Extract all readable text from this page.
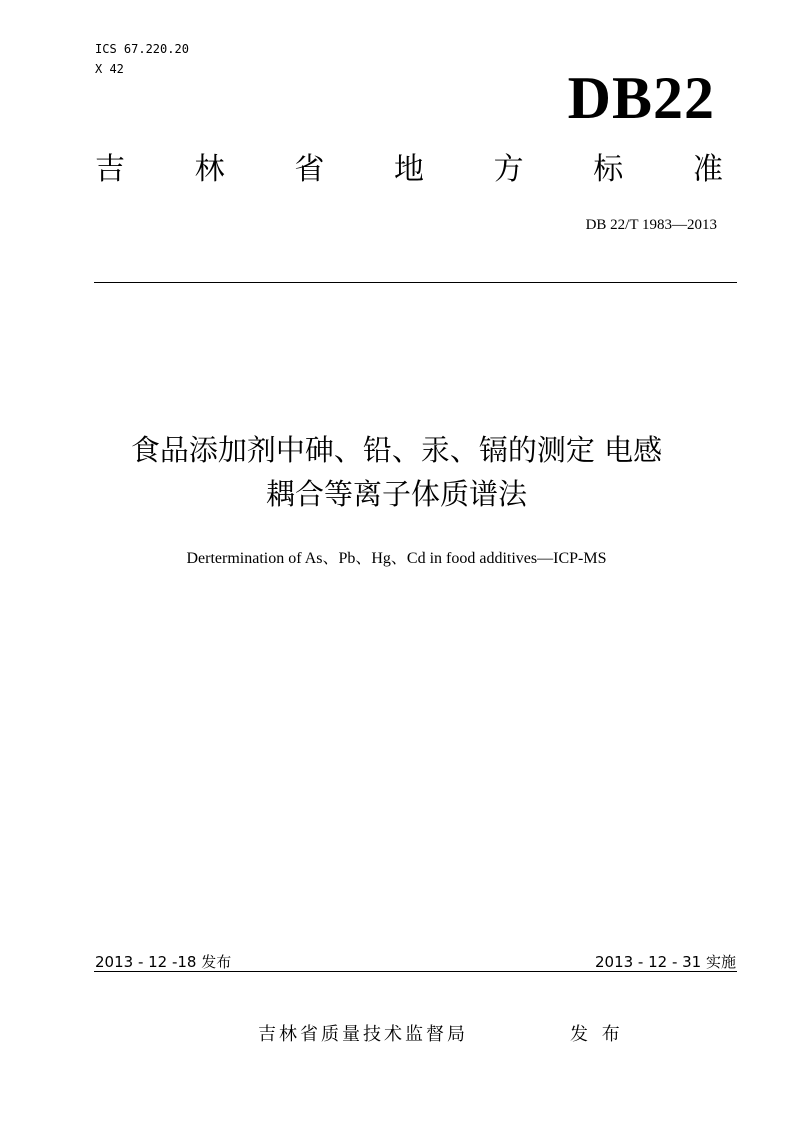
ICS 67.220.20
X 42	DB22
吉 林 省 地 方 标 准
DB 22/T 1983—2013
食品添加剂中砷、铅、汞、镉的测定 电感
耦合等离子体质谱法
Dertermination of As、Pb、Hg、Cd in food additives—ICP-MS
2013 - 12 -18 发布	2013 - 12 - 31 实施
吉林省质量技术监督局	发 布
